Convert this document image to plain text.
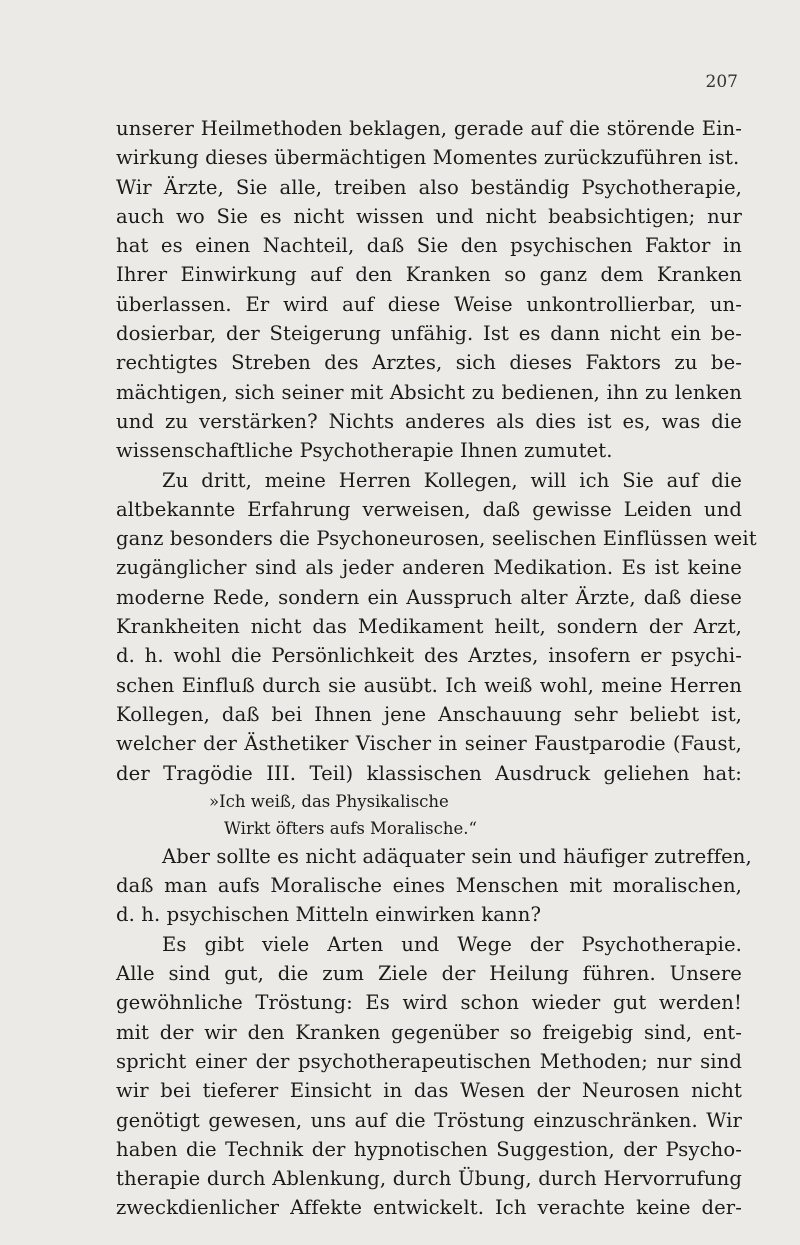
207
unserer Heilmethoden beklagen, gerade auf die störende Ein-
wirkung dieses übermächtigen Momentes zurückzuführen ist.
Wir Ärzte, Sie alle, treiben also beständig Psychotherapie,
auch wo Sie es nicht wissen und nicht beabsichtigen; nur
hat es einen Nachteil, daß Sie den psychischen Faktor in
Ihrer Einwirkung auf den Kranken so ganz dem Kranken
überlassen. Er wird auf diese Weise unkontrollierbar, un-
dosierbar, der Steigerung unfähig. Ist es dann nicht ein be-
rechtigtes Streben des Arztes, sich dieses Faktors zu be-
mächtigen, sich seiner mit Absicht zu bedienen, ihn zu lenken
und zu verstärken? Nichts anderes als dies ist es, was die
wissenschaftliche Psychotherapie Ihnen zumutet.
Zu dritt, meine Herren Kollegen, will ich Sie auf die
altbekannte Erfahrung verweisen, daß gewisse Leiden und
ganz besonders die Psychoneurosen, seelischen Einflüssen weit
zugänglicher sind als jeder anderen Medikation. Es ist keine
moderne Rede, sondern ein Ausspruch alter Ärzte, daß diese
Krankheiten nicht das Medikament heilt, sondern der Arzt,
d. h. wohl die Persönlichkeit des Arztes, insofern er psychi-
schen Einfluß durch sie ausübt. Ich weiß wohl, meine Herren
Kollegen, daß bei Ihnen jene Anschauung sehr beliebt ist,
welcher der Ästhetiker Vischer in seiner Faustparodie (Faust,
der Tragödie III. Teil) klassischen Ausdruck geliehen hat:
»Ich weiß, das Physikalische
Wirkt öfters aufs Moralische.“
Aber sollte es nicht adäquater sein und häufiger zutreffen,
daß man aufs Moralische eines Menschen mit moralischen,
d. h. psychischen Mitteln einwirken kann?
Es gibt viele Arten und Wege der Psychotherapie.
Alle sind gut, die zum Ziele der Heilung führen. Unsere
gewöhnliche Tröstung: Es wird schon wieder gut werden!
mit der wir den Kranken gegenüber so freigebig sind, ent-
spricht einer der psychotherapeutischen Methoden; nur sind
wir bei tieferer Einsicht in das Wesen der Neurosen nicht
genötigt gewesen, uns auf die Tröstung einzuschränken. Wir
haben die Technik der hypnotischen Suggestion, der Psycho-
therapie durch Ablenkung, durch Übung, durch Hervorrufung
zweckdienlicher Affekte entwickelt. Ich verachte keine der-
